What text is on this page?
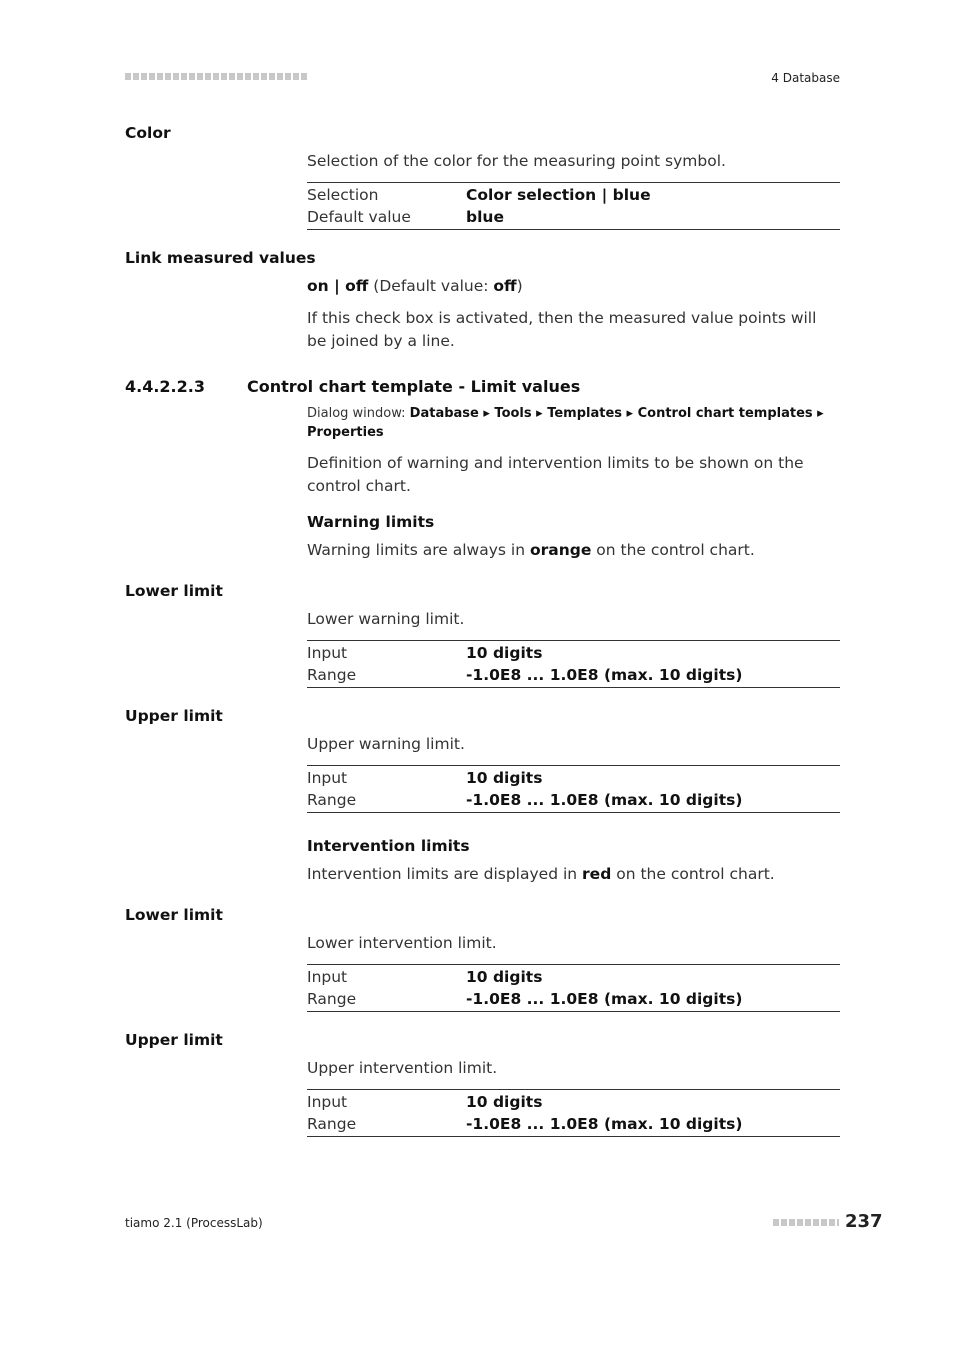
4 Database
Color
Selection of the color for the measuring point symbol.
Selection	Color selection | blue
Default value	blue
Link measured values
on | off (Default value: off)
If this check box is activated, then the measured value points will be joined by a line.
4.4.2.2.3	Control chart template - Limit values
Dialog window: Database ▸ Tools ▸ Templates ▸ Control chart templates ▸ Properties
Definition of warning and intervention limits to be shown on the control chart.
Warning limits
Warning limits are always in orange on the control chart.
Lower limit
Lower warning limit.
Input	10 digits
Range	-1.0E8 ... 1.0E8 (max. 10 digits)
Upper limit
Upper warning limit.
Input	10 digits
Range	-1.0E8 ... 1.0E8 (max. 10 digits)
Intervention limits
Intervention limits are displayed in red on the control chart.
Lower limit
Lower intervention limit.
Input	10 digits
Range	-1.0E8 ... 1.0E8 (max. 10 digits)
Upper limit
Upper intervention limit.
Input	10 digits
Range	-1.0E8 ... 1.0E8 (max. 10 digits)
tiamo 2.1 (ProcessLab)	237
